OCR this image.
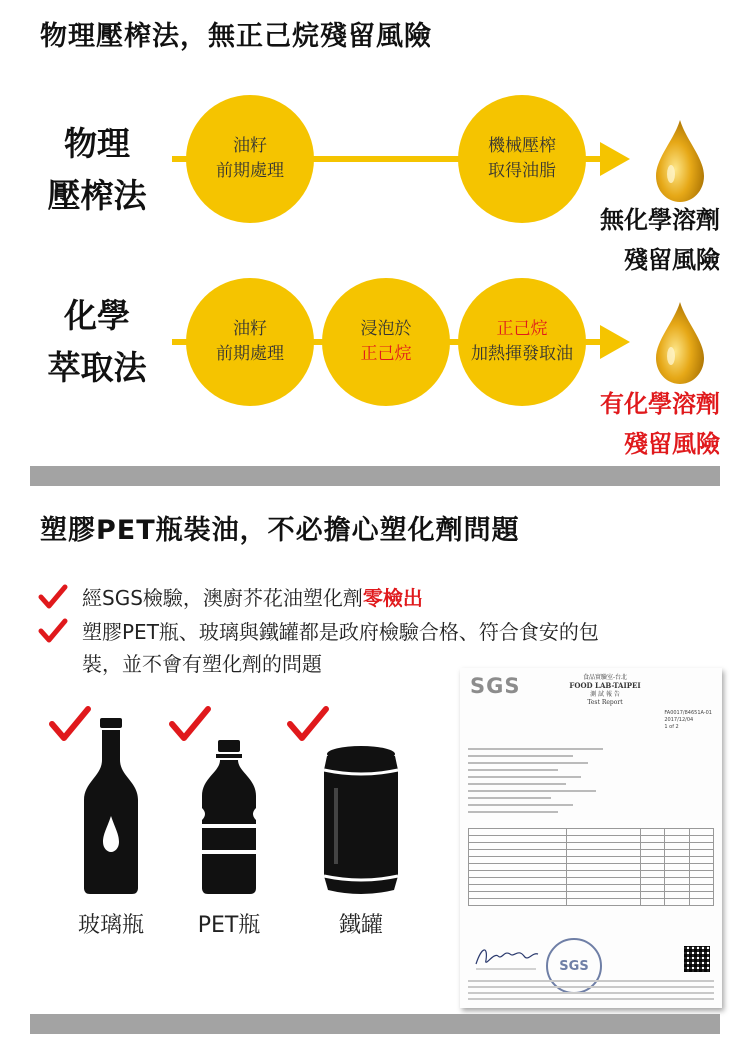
物理壓榨法，無正己烷殘留風險
物理
壓榨法
油籽
前期處理
機械壓榨
取得油脂
無化學溶劑
殘留風險
化學
萃取法
油籽
前期處理
浸泡於
正己烷
正己烷
加熱揮發取油
有化學溶劑
殘留風險
塑膠PET瓶裝油，不必擔心塑化劑問題
經SGS檢驗，澳廚芥花油塑化劑零檢出
塑膠PET瓶、玻璃與鐵罐都是政府檢驗合格、符合食安的包
裝，並不會有塑化劑的問題
玻璃瓶	PET瓶	鐵罐
SGS	食品實驗室-台北
FOOD LAB-TAIPEI
測 試 報 告
Test Report
FA0017/84651A-01
2017/12/04
1 of 2

SGS
